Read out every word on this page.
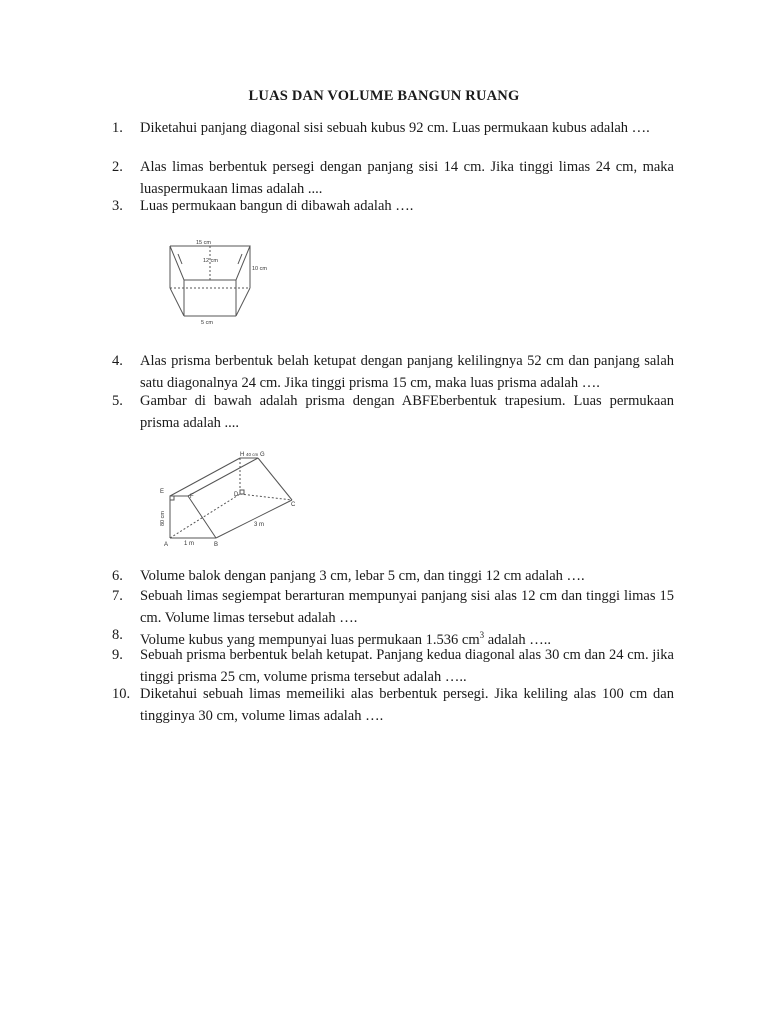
LUAS DAN VOLUME BANGUN RUANG
1. Diketahui panjang diagonal sisi sebuah kubus 92 cm. Luas permukaan kubus adalah ….
2. Alas limas berbentuk persegi dengan panjang sisi 14 cm. Jika tinggi limas 24 cm, maka luaspermukaan limas adalah ....
3. Luas permukaan bangun di dibawah adalah ….
15 cm
12 cm
10 cm
5 cm
4. Alas prisma berbentuk belah ketupat dengan panjang kelilingnya 52 cm dan panjang salah satu diagonalnya 24 cm. Jika tinggi prisma 15 cm, maka luas prisma adalah ….
5. Gambar di bawah adalah prisma dengan ABFEberbentuk trapesium. Luas permukaan prisma adalah ....
H 40 cm G
E
F	D
C
A	B
1 m
3 m
80 cm
6. Volume balok dengan panjang 3 cm, lebar 5 cm, dan tinggi 12 cm adalah ….
7. Sebuah limas segiempat berarturan mempunyai panjang sisi alas 12 cm dan tinggi limas 15 cm. Volume limas tersebut adalah ….
8. Volume kubus yang mempunyai luas permukaan 1.536 $cm^3$ adalah …..
9. Sebuah prisma berbentuk belah ketupat. Panjang kedua diagonal alas 30 cm dan 24 cm. jika tinggi prisma 25 cm, volume prisma tersebut adalah …..
10. Diketahui sebuah limas memeiliki alas berbentuk persegi. Jika keliling alas 100 cm dan tingginya 30 cm, volume limas adalah ….
